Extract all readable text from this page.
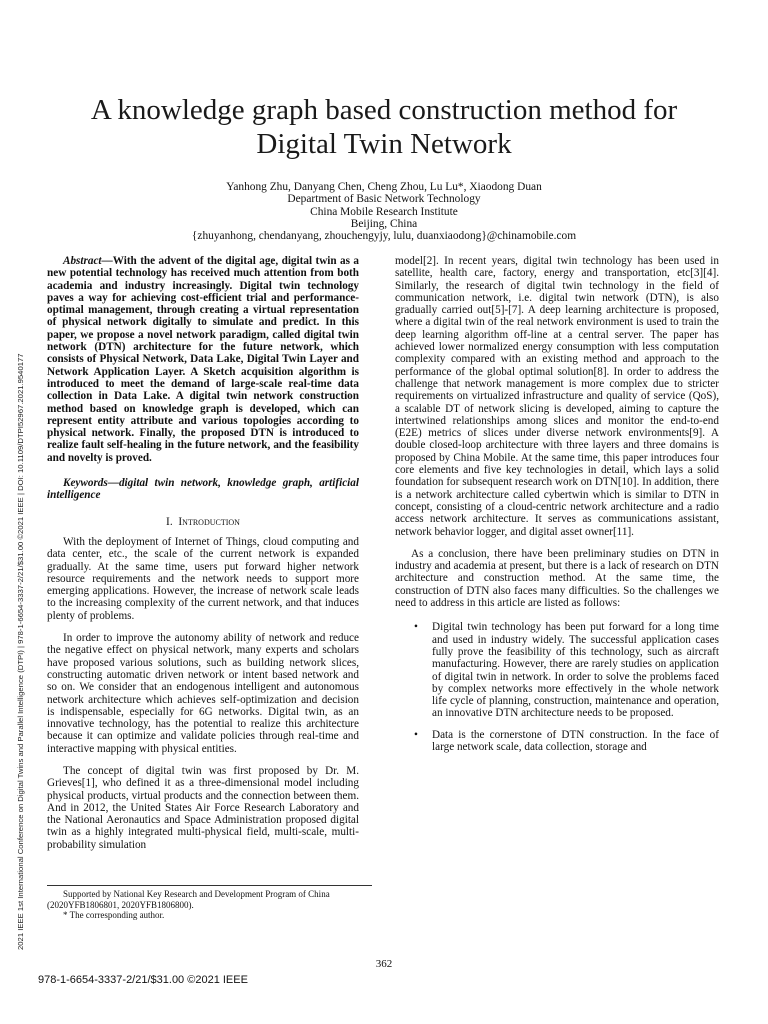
A knowledge graph based construction method for
Digital Twin Network
Yanhong Zhu, Danyang Chen, Cheng Zhou, Lu Lu*, Xiaodong Duan
Department of Basic Network Technology
China Mobile Research Institute
Beijing, China
{zhuyanhong, chendanyang, zhouchengyjy, lulu, duanxiaodong}@chinamobile.com
2021 IEEE 1st International Conference on Digital Twins and Parallel Intelligence (DTPI) | 978-1-6654-3337-2/21/$31.00 ©2021 IEEE | DOI: 10.1109/DTPI52967.2021.9540177

Abstract—With the advent of the digital age, digital twin as a new potential technology has received much attention from both academia and industry increasingly. Digital twin technology paves a way for achieving cost-efficient trial and performance-optimal management, through creating a virtual representation of physical network digitally to simulate and predict. In this paper, we propose a novel network paradigm, called digital twin network (DTN) architecture for the future network, which consists of Physical Network, Data Lake, Digital Twin Layer and Network Application Layer. A Sketch acquisition algorithm is introduced to meet the demand of large-scale real-time data collection in Data Lake. A digital twin network construction method based on knowledge graph is developed, which can represent entity attribute and various topologies according to physical network. Finally, the proposed DTN is introduced to realize fault self-healing in the future network, and the feasibility and novelty is proved.

Keywords—digital twin network, knowledge graph, artificial intelligence

I. Introduction

With the deployment of Internet of Things, cloud computing and data center, etc., the scale of the current network is expanded gradually. At the same time, users put forward higher network resource requirements and the network needs to support more emerging applications. However, the increase of network scale leads to the increasing complexity of the current network, and that induces plenty of problems.

In order to improve the autonomy ability of network and reduce the negative effect on physical network, many experts and scholars have proposed various solutions, such as building network slices, constructing automatic driven network or intent based network and so on. We consider that an endogenous intelligent and autonomous network architecture which achieves self-optimization and decision is indispensable, especially for 6G networks. Digital twin, as an innovative technology, has the potential to realize this architecture because it can optimize and validate policies through real-time and interactive mapping with physical entities.

The concept of digital twin was first proposed by Dr. M. Grieves[1], who defined it as a three-dimensional model including physical products, virtual products and the connection between them. And in 2012, the United States Air Force Research Laboratory and the National Aeronautics and Space Administration proposed digital twin as a highly integrated multi-physical field, multi-scale, multi-probability simulation

model[2]. In recent years, digital twin technology has been used in satellite, health care, factory, energy and transportation, etc[3][4]. Similarly, the research of digital twin technology in the field of communication network, i.e. digital twin network (DTN), is also gradually carried out[5]-[7]. A deep learning architecture is proposed, where a digital twin of the real network environment is used to train the deep learning algorithm off-line at a central server. The paper has achieved lower normalized energy consumption with less computation complexity compared with an existing method and approach to the performance of the global optimal solution[8]. In order to address the challenge that network management is more complex due to stricter requirements on virtualized infrastructure and quality of service (QoS), a scalable DT of network slicing is developed, aiming to capture the intertwined relationships among slices and monitor the end-to-end (E2E) metrics of slices under diverse network environments[9]. A double closed-loop architecture with three layers and three domains is proposed by China Mobile. At the same time, this paper introduces four core elements and five key technologies in detail, which lays a solid foundation for subsequent research work on DTN[10]. In addition, there is a network architecture called cybertwin which is similar to DTN in concept, consisting of a cloud-centric network architecture and a radio access network architecture. It serves as communications assistant, network behavior logger, and digital asset owner[11].

As a conclusion, there have been preliminary studies on DTN in industry and academia at present, but there is a lack of research on DTN architecture and construction method. At the same time, the construction of DTN also faces many difficulties. So the challenges we need to address in this article are listed as follows:

• Digital twin technology has been put forward for a long time and used in industry widely. The successful application cases fully prove the feasibility of this technology, such as aircraft manufacturing. However, there are rarely studies on application of digital twin in network. In order to solve the problems faced by complex networks more effectively in the whole network life cycle of planning, construction, maintenance and operation, an innovative DTN architecture needs to be proposed.
• Data is the cornerstone of DTN construction. In the face of large network scale, data collection, storage and
Supported by National Key Research and Development Program of China (2020YFB1806801, 2020YFB1806800).
* The corresponding author.
362
978-1-6654-3337-2/21/$31.00 ©2021 IEEE
